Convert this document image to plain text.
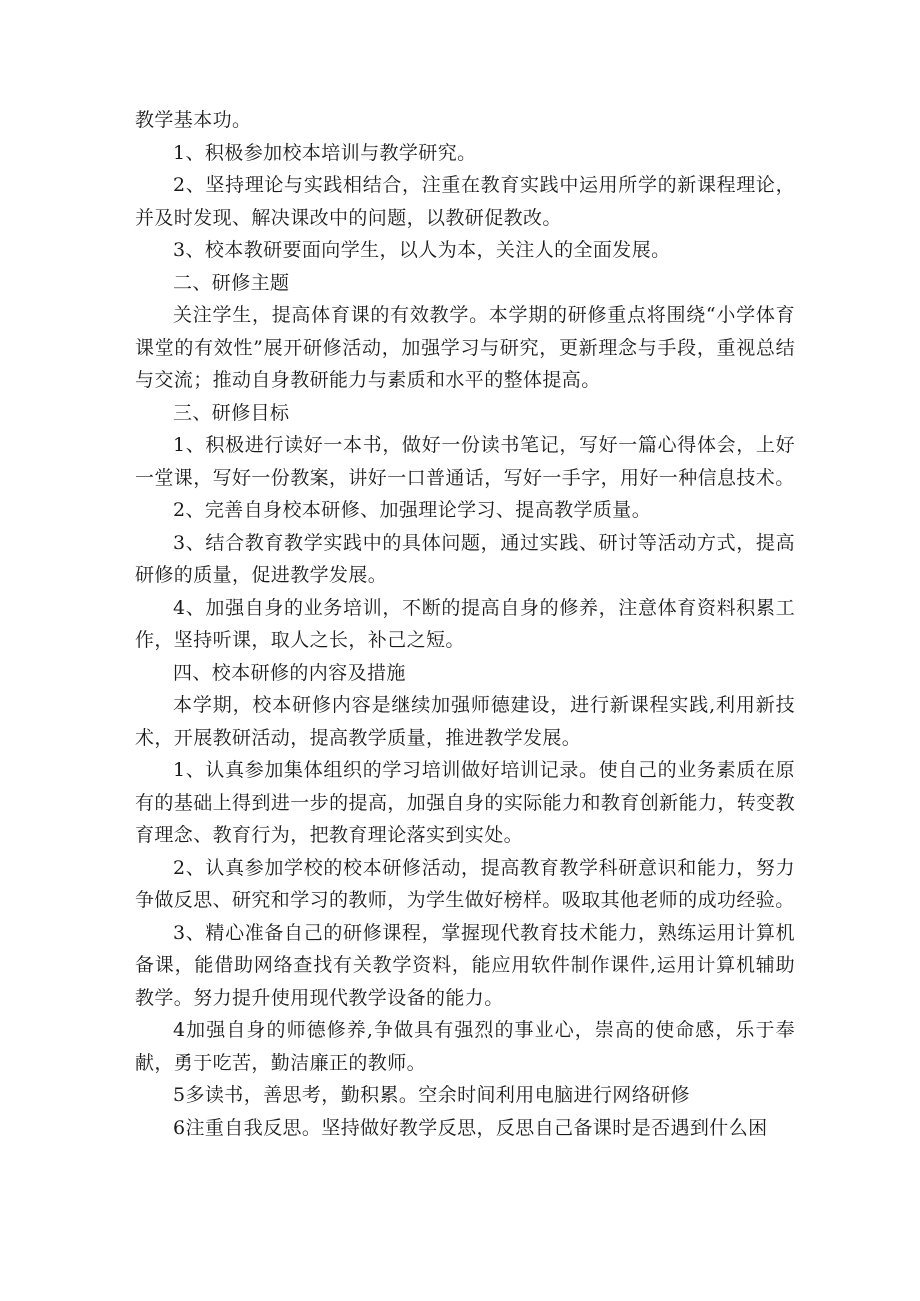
教学基本功。

1、积极参加校本培训与教学研究。

2、坚持理论与实践相结合，注重在教育实践中运用所学的新课程理论，并及时发现、解决课改中的问题，以教研促教改。

3、校本教研要面向学生，以人为本，关注人的全面发展。

二、研修主题

关注学生，提高体育课的有效教学。本学期的研修重点将围绕“小学体育课堂的有效性”展开研修活动，加强学习与研究，更新理念与手段，重视总结与交流；推动自身教研能力与素质和水平的整体提高。

三、研修目标

1、积极进行读好一本书，做好一份读书笔记，写好一篇心得体会，上好一堂课，写好一份教案，讲好一口普通话，写好一手字，用好一种信息技术。

2、完善自身校本研修、加强理论学习、提高教学质量。

3、结合教育教学实践中的具体问题，通过实践、研讨等活动方式，提高研修的质量，促进教学发展。

4、加强自身的业务培训，不断的提高自身的修养，注意体育资料积累工作，坚持听课，取人之长，补己之短。

四、校本研修的内容及措施

本学期，校本研修内容是继续加强师德建设，进行新课程实践,利用新技术，开展教研活动，提高教学质量，推进教学发展。

1、认真参加集体组织的学习培训做好培训记录。使自己的业务素质在原有的基础上得到进一步的提高，加强自身的实际能力和教育创新能力，转变教育理念、教育行为，把教育理论落实到实处。

2、认真参加学校的校本研修活动，提高教育教学科研意识和能力，努力争做反思、研究和学习的教师，为学生做好榜样。吸取其他老师的成功经验。

3、精心准备自己的研修课程，掌握现代教育技术能力，熟练运用计算机备课，能借助网络查找有关教学资料，能应用软件制作课件,运用计算机辅助教学。努力提升使用现代教学设备的能力。

4加强自身的师德修养,争做具有强烈的事业心，崇高的使命感，乐于奉献，勇于吃苦，勤洁廉正的教师。

5多读书，善思考，勤积累。空余时间利用电脑进行网络研修

6注重自我反思。坚持做好教学反思，反思自己备课时是否遇到什么困
